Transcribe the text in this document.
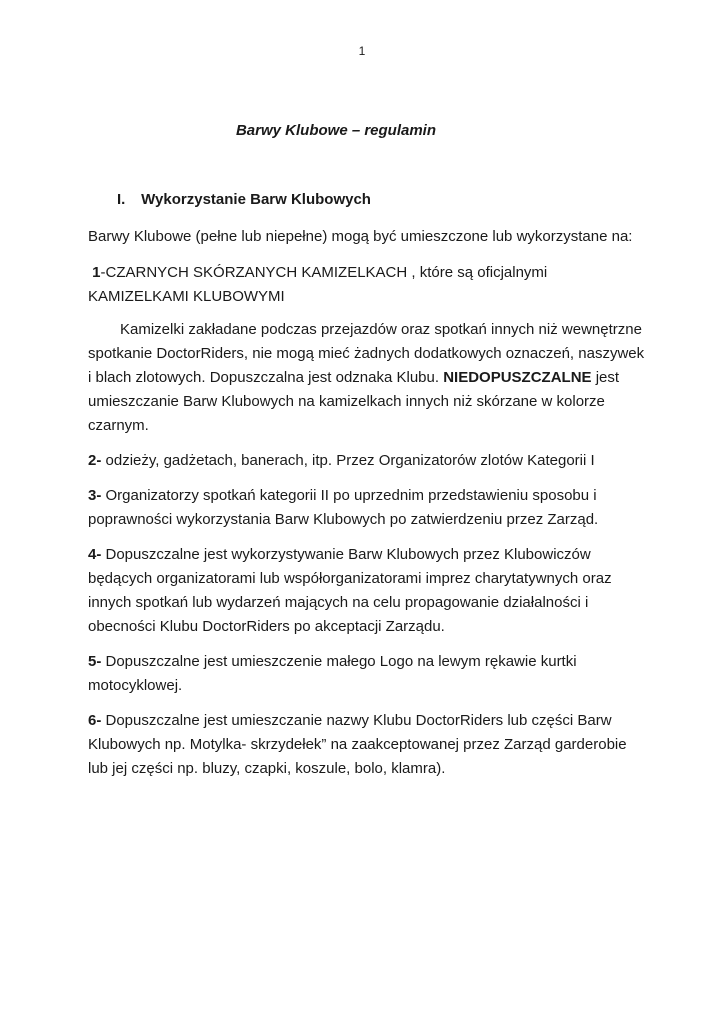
1
Barwy Klubowe – regulamin
I. Wykorzystanie Barw Klubowych

Barwy Klubowe (pełne lub niepełne) mogą być umieszczone lub wykorzystane na:

1-CZARNYCH SKÓRZANYCH KAMIZELKACH , które są oficjalnymi KAMIZELKAMI KLUBOWYMI

Kamizelki zakładane podczas przejazdów oraz spotkań innych niż wewnętrzne spotkanie DoctorRiders, nie mogą mieć żadnych dodatkowych oznaczeń, naszywek i blach zlotowych. Dopuszczalna jest odznaka Klubu. NIEDOPUSZCZALNE jest umieszczanie Barw Klubowych na kamizelkach innych niż skórzane w kolorze czarnym.

2- odzieży, gadżetach, banerach, itp. Przez Organizatorów zlotów Kategorii I

3- Organizatorzy spotkań kategorii II po uprzednim przedstawieniu sposobu i poprawności wykorzystania Barw Klubowych po zatwierdzeniu przez Zarząd.

4- Dopuszczalne jest wykorzystywanie Barw Klubowych przez Klubowiczów będących organizatorami lub współorganizatorami imprez charytatywnych oraz innych spotkań lub wydarzeń mających na celu propagowanie działalności i obecności Klubu DoctorRiders po akceptacji Zarządu.

5- Dopuszczalne jest umieszczenie małego Logo na lewym rękawie kurtki motocyklowej.

6- Dopuszczalne jest umieszczanie nazwy Klubu DoctorRiders lub części Barw Klubowych np. Motylka- skrzydełek” na zaakceptowanej przez Zarząd garderobie lub jej części np. bluzy, czapki, koszule, bolo, klamra).
